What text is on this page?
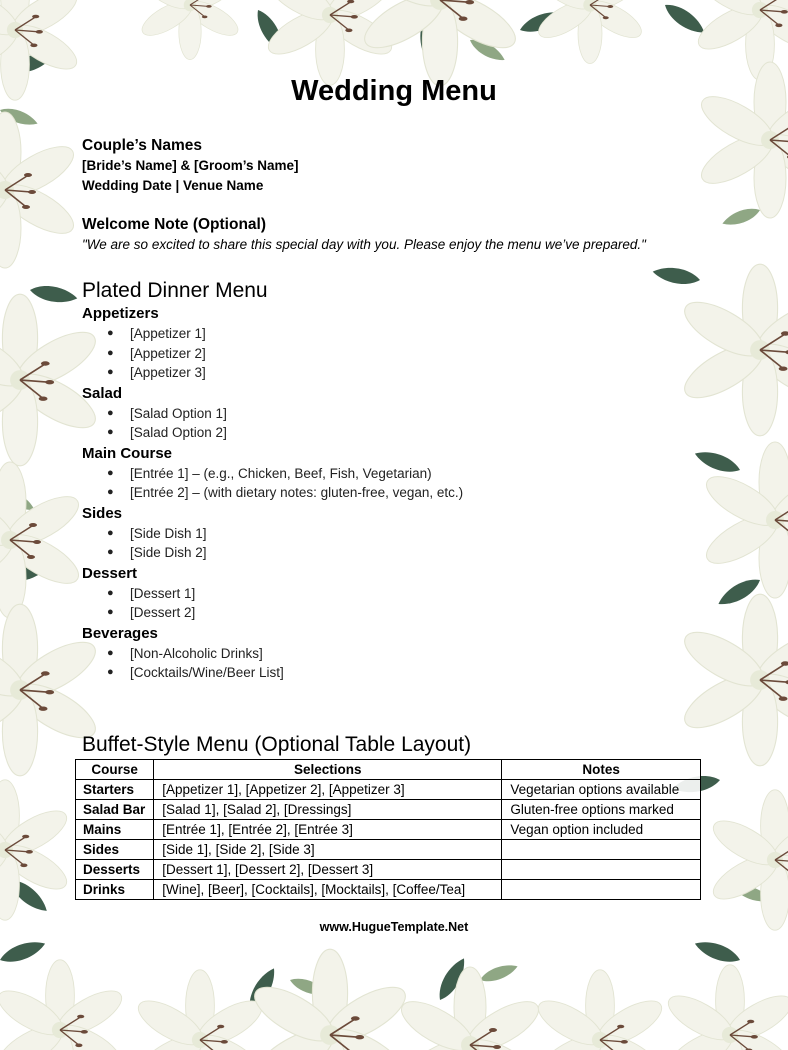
Wedding Menu
Couple’s Names
[Bride’s Name] & [Groom’s Name]
Wedding Date | Venue Name
Welcome Note (Optional)
"We are so excited to share this special day with you. Please enjoy the menu we’ve prepared."
Plated Dinner Menu
Appetizers
● [Appetizer 1]
● [Appetizer 2]
● [Appetizer 3]
Salad
● [Salad Option 1]
● [Salad Option 2]
Main Course
● [Entrée 1] – (e.g., Chicken, Beef, Fish, Vegetarian)
● [Entrée 2] – (with dietary notes: gluten-free, vegan, etc.)
Sides
● [Side Dish 1]
● [Side Dish 2]
Dessert
● [Dessert 1]
● [Dessert 2]
Beverages
● [Non-Alcoholic Drinks]
● [Cocktails/Wine/Beer List]
Buffet-Style Menu (Optional Table Layout)
Course	Selections	Notes
Starters	[Appetizer 1], [Appetizer 2], [Appetizer 3]	Vegetarian options available
Salad Bar	[Salad 1], [Salad 2], [Dressings]	Gluten-free options marked
Mains	[Entrée 1], [Entrée 2], [Entrée 3]	Vegan option included
Sides	[Side 1], [Side 2], [Side 3]	
Desserts	[Dessert 1], [Dessert 2], [Dessert 3]	
Drinks	[Wine], [Beer], [Cocktails], [Mocktails], [Coffee/Tea]	
www.HugueTemplate.Net
